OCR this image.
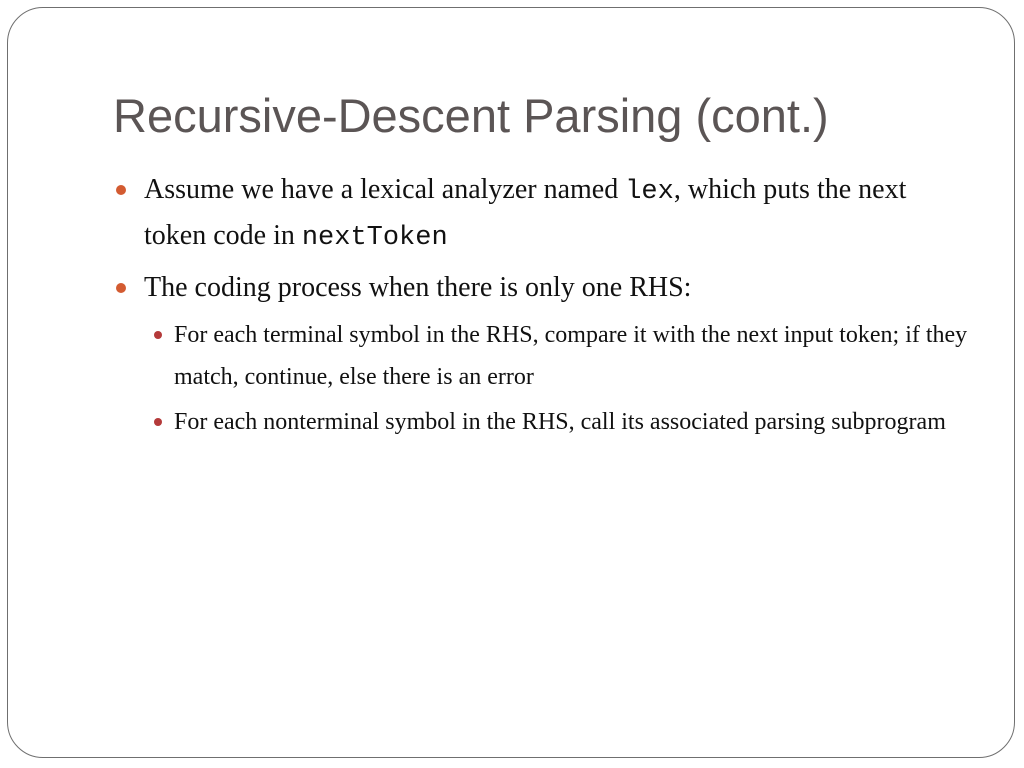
Recursive-Descent Parsing (cont.)
Assume we have a lexical analyzer named lex, which puts the next token code in nextToken
The coding process when there is only one RHS:
For each terminal symbol in the RHS, compare it with the next input token; if they match, continue, else there is an error
For each nonterminal symbol in the RHS, call its associated parsing subprogram
